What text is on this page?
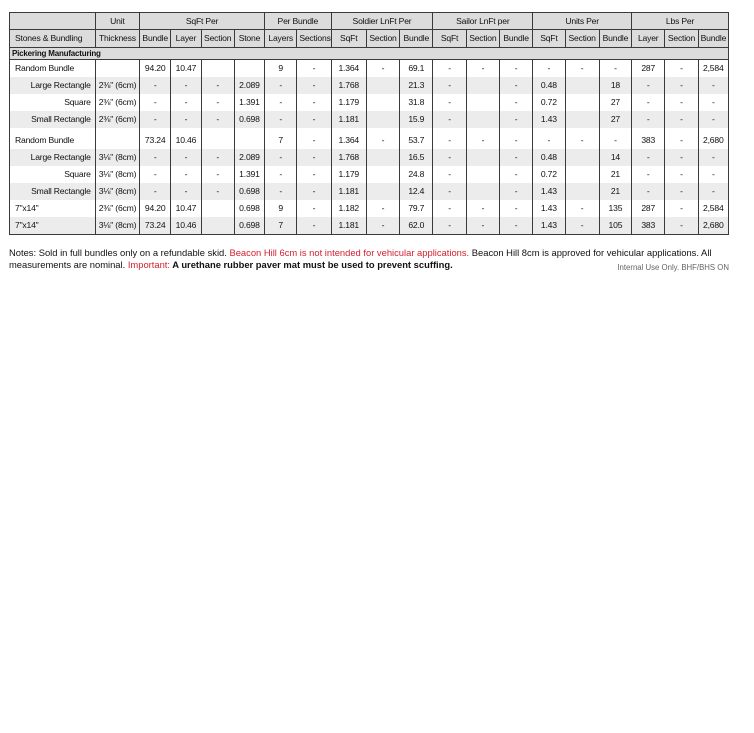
	Unit	SqFt Per				Per Bundle		Soldier LnFt Per			Sailor LnFt per			Units Per			Lbs Per		
Stones & Bundling	Thickness	Bundle	Layer	Section	Stone	Layers	Sections	SqFt	Section	Bundle	SqFt	Section	Bundle	SqFt	Section	Bundle	Layer	Section	Bundle
Pickering Manufacturing																			
Random Bundle		94.20	10.47			9	-	1.364	-	69.1	-	-	-	-	-	-	287	-	2,584
Large Rectangle	2⅜" (6cm)	-	-	-	2.089	-	-	1.768		21.3	-		-	0.48		18	-	-	-
Square	2⅜" (6cm)	-	-	-	1.391	-	-	1.179		31.8	-		-	0.72		27	-	-	-
Small Rectangle	2⅜" (6cm)	-	-	-	0.698	-	-	1.181		15.9	-		-	1.43		27	-	-	-

Random Bundle		73.24	10.46			7	-	1.364	-	53.7	-	-	-	-	-	-	383	-	2,680
Large Rectangle	3⅛" (8cm)	-	-	-	2.089	-	-	1.768		16.5	-		-	0.48		14	-	-	-
Square	3⅛" (8cm)	-	-	-	1.391	-	-	1.179		24.8	-		-	0.72		21	-	-	-
Small Rectangle	3⅛" (8cm)	-	-	-	0.698	-	-	1.181		12.4	-		-	1.43		21	-	-	-
7"x14"	2⅜" (6cm)	94.20	10.47		0.698	9	-	1.182	-	79.7	-	-	-	1.43	-	135	287	-	2,584
7"x14"	3⅛" (8cm)	73.24	10.46		0.698	7	-	1.181	-	62.0	-	-	-	1.43	-	105	383	-	2,680
Notes: Sold in full bundles only on a refundable skid. Beacon Hill 6cm is not intended for vehicular applications. Beacon Hill 8cm is approved for vehicular applications. All measurements are nominal. Important: A urethane rubber paver mat must be used to prevent scuffing.	Internal Use Only. BHF/BHS ON
